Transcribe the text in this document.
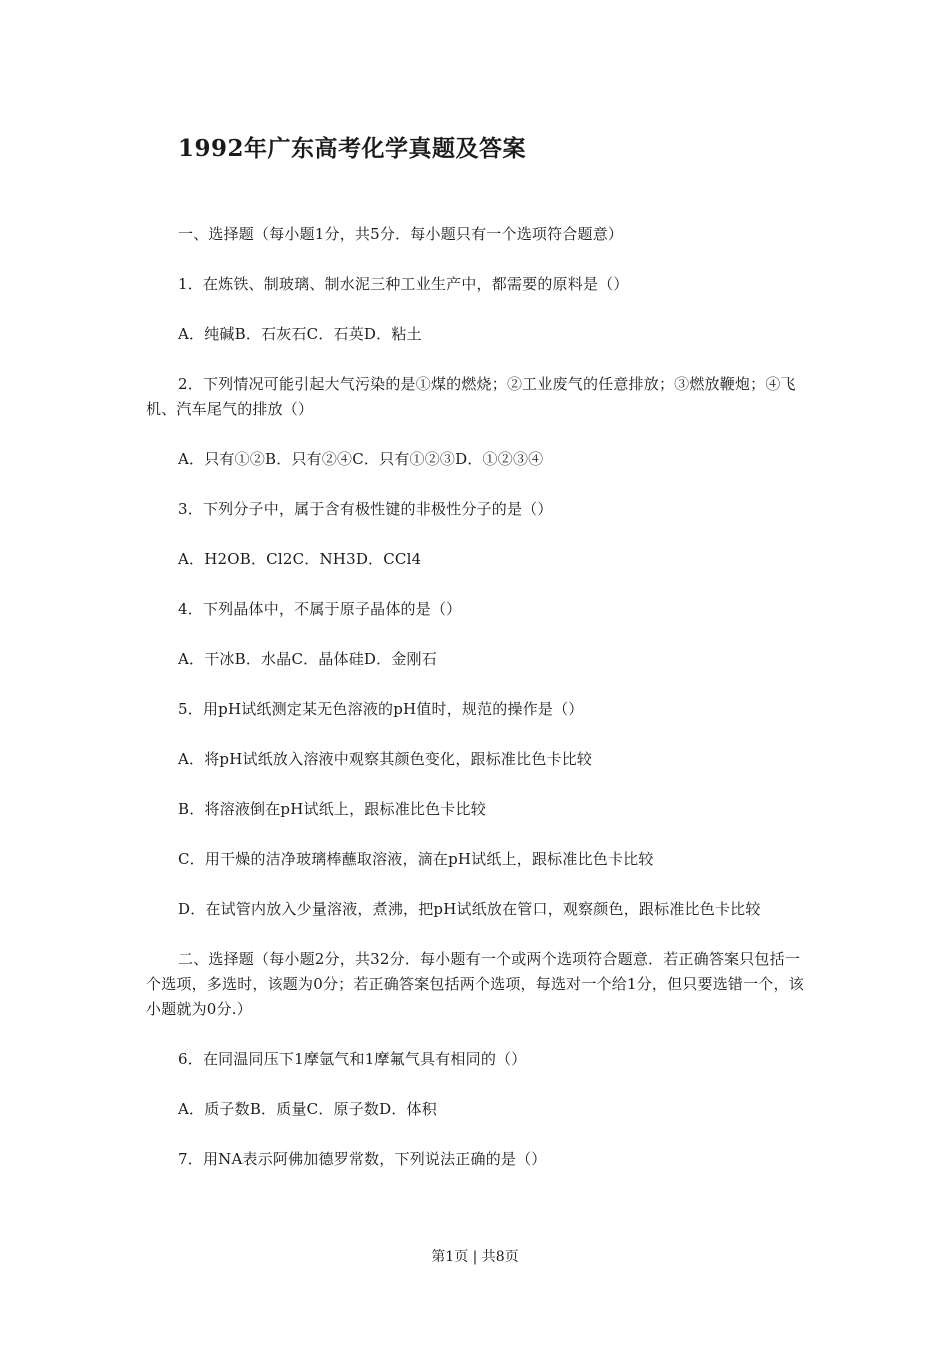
1992年广东高考化学真题及答案

一、选择题（每小题1分，共5分．每小题只有一个选项符合题意）

1．在炼铁、制玻璃、制水泥三种工业生产中，都需要的原料是（）

A．纯碱B．石灰石C．石英D．粘土

2．下列情况可能引起大气污染的是①煤的燃烧；②工业废气的任意排放；③燃放鞭炮；④飞机、汽车尾气的排放（）

A．只有①②B．只有②④C．只有①②③D．①②③④

3．下列分子中，属于含有极性键的非极性分子的是（）

A．H2OB．Cl2C．NH3D．CCl4

4．下列晶体中，不属于原子晶体的是（）

A．干冰B．水晶C．晶体硅D．金刚石

5．用pH试纸测定某无色溶液的pH值时，规范的操作是（）

A．将pH试纸放入溶液中观察其颜色变化，跟标准比色卡比较

B．将溶液倒在pH试纸上，跟标准比色卡比较

C．用干燥的洁净玻璃棒蘸取溶液，滴在pH试纸上，跟标准比色卡比较

D．在试管内放入少量溶液，煮沸，把pH试纸放在管口，观察颜色，跟标准比色卡比较

二、选择题（每小题2分，共32分．每小题有一个或两个选项符合题意．若正确答案只包括一个选项，多选时，该题为0分；若正确答案包括两个选项，每选对一个给1分，但只要选错一个，该小题就为0分.）

6．在同温同压下1摩氩气和1摩氟气具有相同的（）

A．质子数B．质量C．原子数D．体积

7．用NA表示阿佛加德罗常数，下列说法正确的是（）

第1页 | 共8页
